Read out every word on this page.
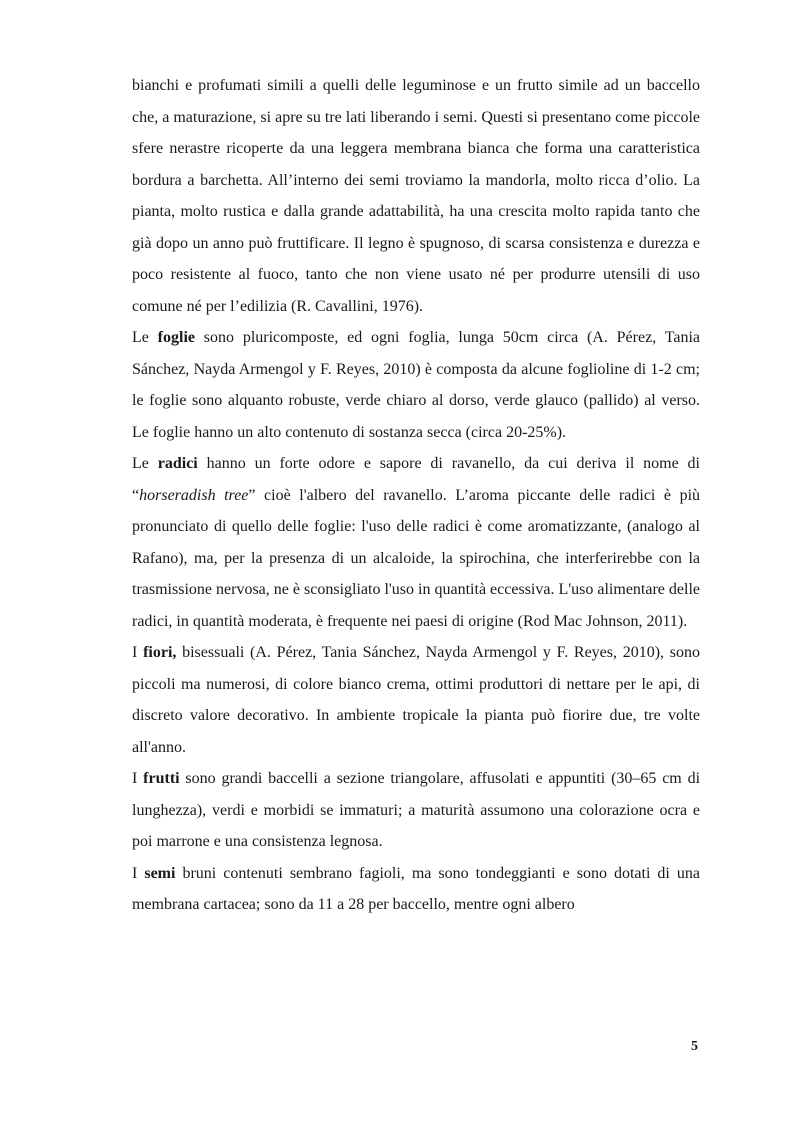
bianchi e profumati simili a quelli delle leguminose e un frutto simile ad un baccello che, a maturazione, si apre su tre lati liberando i semi. Questi si presentano come piccole sfere nerastre ricoperte da una leggera membrana bianca che forma una caratteristica bordura a barchetta. All’interno dei semi troviamo la mandorla, molto ricca d’olio. La pianta, molto rustica e dalla grande adattabilità, ha una crescita molto rapida tanto che già dopo un anno può fruttificare. Il legno è spugnoso, di scarsa consistenza e durezza e poco resistente al fuoco, tanto che non viene usato né per produrre utensili di uso comune né per l’edilizia (R. Cavallini, 1976).

Le foglie sono pluricomposte, ed ogni foglia, lunga 50cm circa (A. Pérez, Tania Sánchez, Nayda Armengol y F. Reyes, 2010) è composta da alcune foglioline di 1-2 cm; le foglie sono alquanto robuste, verde chiaro al dorso, verde glauco (pallido) al verso. Le foglie hanno un alto contenuto di sostanza secca (circa 20-25%).

Le radici hanno un forte odore e sapore di ravanello, da cui deriva il nome di “horseradish tree” cioè l'albero del ravanello. L’aroma piccante delle radici è più pronunciato di quello delle foglie: l'uso delle radici è come aromatizzante, (analogo al Rafano), ma, per la presenza di un alcaloide, la spirochina, che interferirebbe con la trasmissione nervosa, ne è sconsigliato l'uso in quantità eccessiva. L'uso alimentare delle radici, in quantità moderata, è frequente nei paesi di origine (Rod Mac Johnson, 2011).

I fiori, bisessuali (A. Pérez, Tania Sánchez, Nayda Armengol y F. Reyes, 2010), sono piccoli ma numerosi, di colore bianco crema, ottimi produttori di nettare per le api, di discreto valore decorativo. In ambiente tropicale la pianta può fiorire due, tre volte all'anno.

I frutti sono grandi baccelli a sezione triangolare, affusolati e appuntiti (30–65 cm di lunghezza), verdi e morbidi se immaturi; a maturità assumono una colorazione ocra e poi marrone e una consistenza legnosa.

I semi bruni contenuti sembrano fagioli, ma sono tondeggianti e sono dotati di una membrana cartacea; sono da 11 a 28 per baccello, mentre ogni albero

5
